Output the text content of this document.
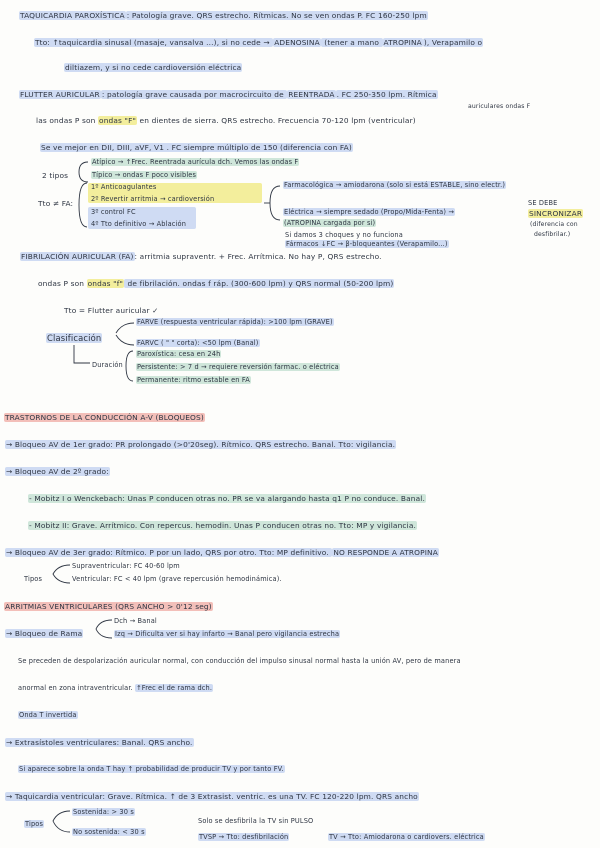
TAQUICARDIA PAROXÍSTICA : Patología grave. QRS estrecho. Rítmicas. No se ven ondas P. FC 160-250 lpm
Tto: ↑taquicardia sinusal (masaje, vansalva ...), si no cede → ADENOSINA (tener a mano ATROPINA ), Verapamilo o
diltiazem, y si no cede cardioversión eléctrica
FLUTTER AURICULAR : patología grave causada por macrocircuito de REENTRADA . FC 250-350 lpm. Rítmica
auriculares ondas F
las ondas P son ondas "F" en dientes de sierra. QRS estrecho. Frecuencia 70-120 lpm (ventricular)
Se ve mejor en DII, DIII, aVF, V1 . FC siempre múltiplo de 150 (diferencia con FA)
2 tipos
Atípico → ↑Frec. Reentrada aurícula dch. Vemos las ondas F
Típico → ondas F poco visibles
Tto ≠ FA:
1º Anticoagulantes
2º Revertir arritmia → cardioversión
3º control FC
4º Tto definitivo → Ablación
Farmacológica → amiodarona (solo si está ESTABLE, sino electr.)
Eléctrica → siempre sedado (Propo/Mida-Fenta) →
(ATROPINA cargada por si)
Si damos 3 choques y no funciona
Fármacos ↓FC → β-bloqueantes (Verapamilo...)
SE DEBE
SINCRONIZAR
(diferencia con
desfibrilar.)
FIBRILACIÓN AURICULAR (FA): arritmia supraventr. + Frec. Arrítmica. No hay P, QRS estrecho.
ondas P son ondas "f" de fibrilación. ondas f ráp. (300-600 lpm) y QRS normal (50-200 lpm)
Tto = Flutter auricular ✓
Clasificación
FARVE (respuesta ventricular rápida): >100 lpm (GRAVE)
FARVC ( " " corta): <50 lpm (Banal)
Duración
Paroxística: cesa en 24h
Persistente: > 7 d → requiere reversión farmac. o eléctrica
Permanente: ritmo estable en FA
TRASTORNOS DE LA CONDUCCIÓN A-V (BLOQUEOS)
→ Bloqueo AV de 1er grado: PR prolongado (>0'20seg). Rítmico. QRS estrecho. Banal. Tto: vigilancia.
→ Bloqueo AV de 2º grado:
- Mobitz I o Wenckebach: Unas P conducen otras no. PR se va alargando hasta q1 P no conduce. Banal.
- Mobitz II: Grave. Arrítmico. Con repercus. hemodin. Unas P conducen otras no. Tto: MP y vigilancia.
→ Bloqueo AV de 3er grado: Rítmico. P por un lado, QRS por otro. Tto: MP definitivo. NO RESPONDE A ATROPINA
Tipos
Supraventricular: FC 40-60 lpm
Ventricular: FC < 40 lpm (grave repercusión hemodinámica).
ARRITMIAS VENTRICULARES (QRS ANCHO > 0'12 seg)
→ Bloqueo de Rama
Dch → Banal
Izq → Dificulta ver si hay infarto → Banal pero vigilancia estrecha
Se preceden de despolarización auricular normal, con conducción del impulso sinusal normal hasta la unión AV, pero de manera
anormal en zona intraventricular. ↑Frec el de rama dch.
Onda T invertida
→ Extrasístoles ventriculares: Banal. QRS ancho.
Si aparece sobre la onda T hay ↑ probabilidad de producir TV y por tanto FV.
→ Taquicardia ventricular: Grave. Rítmica. ↑ de 3 Extrasist. ventric. es una TV. FC 120-220 lpm. QRS ancho
Tipos
Sostenida: > 30 s
No sostenida: < 30 s
Solo se desfibrila la TV sin PULSO
TVSP → Tto: desfibrilación	TV → Tto: Amiodarona o cardiovers. eléctrica
